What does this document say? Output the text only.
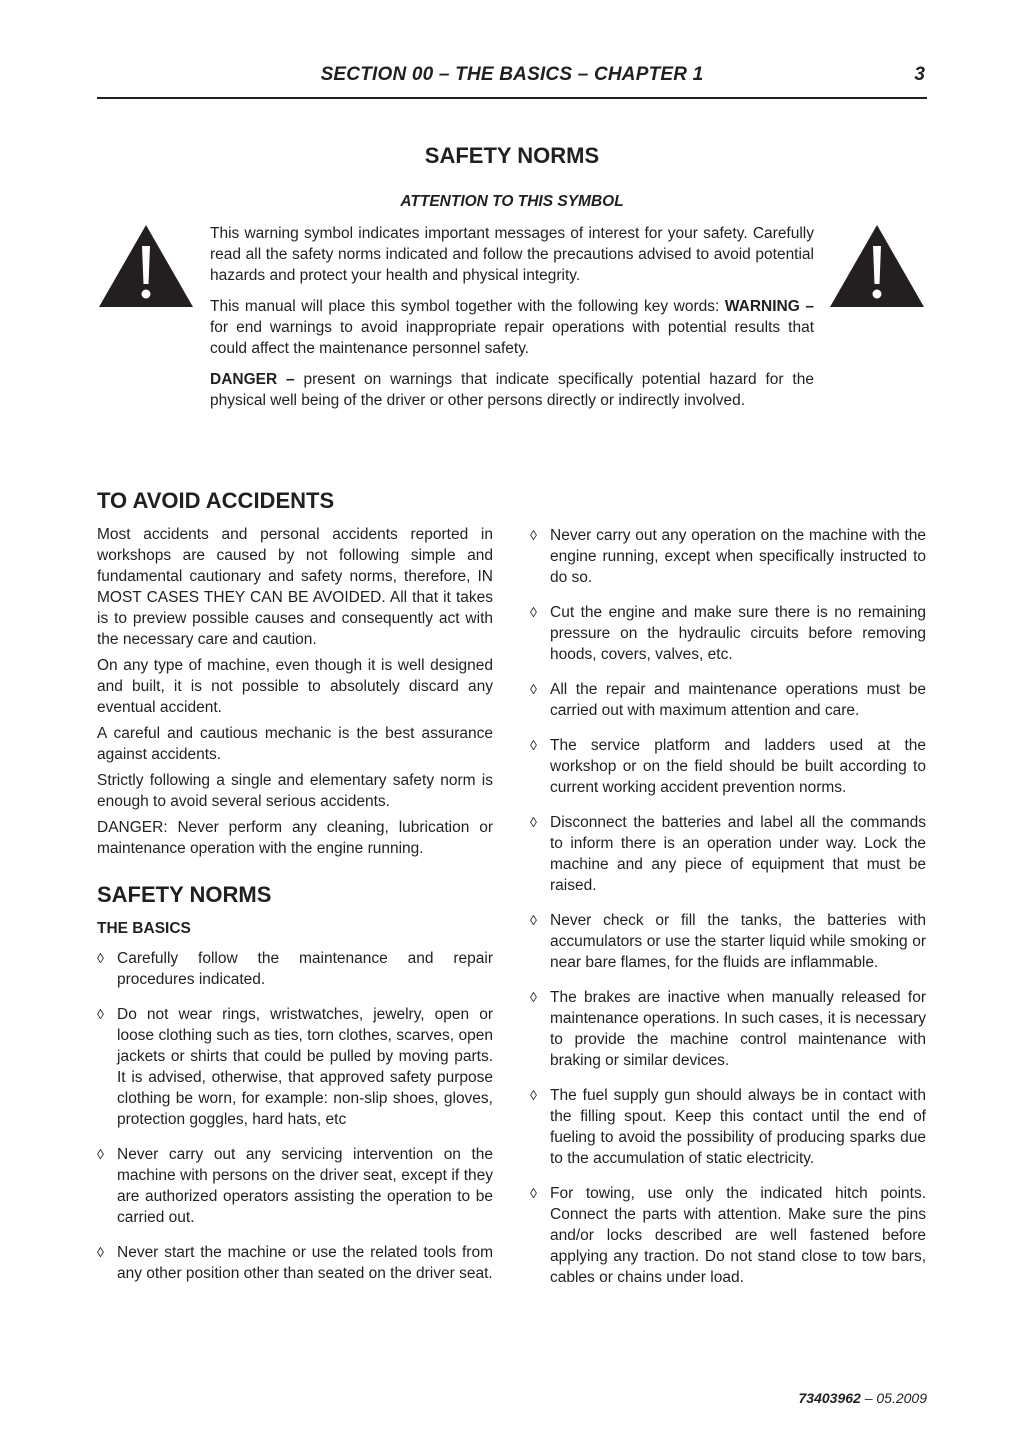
SECTION 00 – THE BASICS – CHAPTER 1	3
SAFETY NORMS
ATTENTION TO THIS SYMBOL

This warning symbol indicates important messages of interest for your safety. Carefully read all the safety norms indicated and follow the precautions advised to avoid potential hazards and protect your health and physical integrity.

This manual will place this symbol together with the following key words: WARNING – for end warnings to avoid inappropriate repair operations with potential results that could affect the maintenance personnel safety.

DANGER – present on warnings that indicate specifically potential hazard for the physical well being of the driver or other persons directly or indirectly involved.

TO AVOID ACCIDENTS

Most accidents and personal accidents reported in workshops are caused by not following simple and fundamental cautionary and safety norms, therefore, IN MOST CASES THEY CAN BE AVOIDED. All that it takes is to preview possible causes and consequently act with the necessary care and caution.

On any type of machine, even though it is well designed and built, it is not possible to absolutely discard any eventual accident.

A careful and cautious mechanic is the best assurance against accidents.

Strictly following a single and elementary safety norm is enough to avoid several serious accidents.

DANGER: Never perform any cleaning, lubrication or maintenance operation with the engine running.

SAFETY NORMS
THE BASICS
◊ Carefully follow the maintenance and repair procedures indicated.
◊ Do not wear rings, wristwatches, jewelry, open or loose clothing such as ties, torn clothes, scarves, open jackets or shirts that could be pulled by moving parts. It is advised, otherwise, that approved safety purpose clothing be worn, for example: non-slip shoes, gloves, protection goggles, hard hats, etc
◊ Never carry out any servicing intervention on the machine with persons on the driver seat, except if they are authorized operators assisting the operation to be carried out.
◊ Never start the machine or use the related tools from any other position other than seated on the driver seat.
◊ Never carry out any operation on the machine with the engine running, except when specifically instructed to do so.
◊ Cut the engine and make sure there is no remaining pressure on the hydraulic circuits before removing hoods, covers, valves, etc.
◊ All the repair and maintenance operations must be carried out with maximum attention and care.
◊ The service platform and ladders used at the workshop or on the field should be built according to current working accident prevention norms.
◊ Disconnect the batteries and label all the commands to inform there is an operation under way. Lock the machine and any piece of equipment that must be raised.
◊ Never check or fill the tanks, the batteries with accumulators or use the starter liquid while smoking or near bare flames, for the fluids are inflammable.
◊ The brakes are inactive when manually released for maintenance operations. In such cases, it is necessary to provide the machine control maintenance with braking or similar devices.
◊ The fuel supply gun should always be in contact with the filling spout. Keep this contact until the end of fueling to avoid the possibility of producing sparks due to the accumulation of static electricity.
◊ For towing, use only the indicated hitch points. Connect the parts with attention. Make sure the pins and/or locks described are well fastened before applying any traction. Do not stand close to tow bars, cables or chains under load.
73403962 – 05.2009
